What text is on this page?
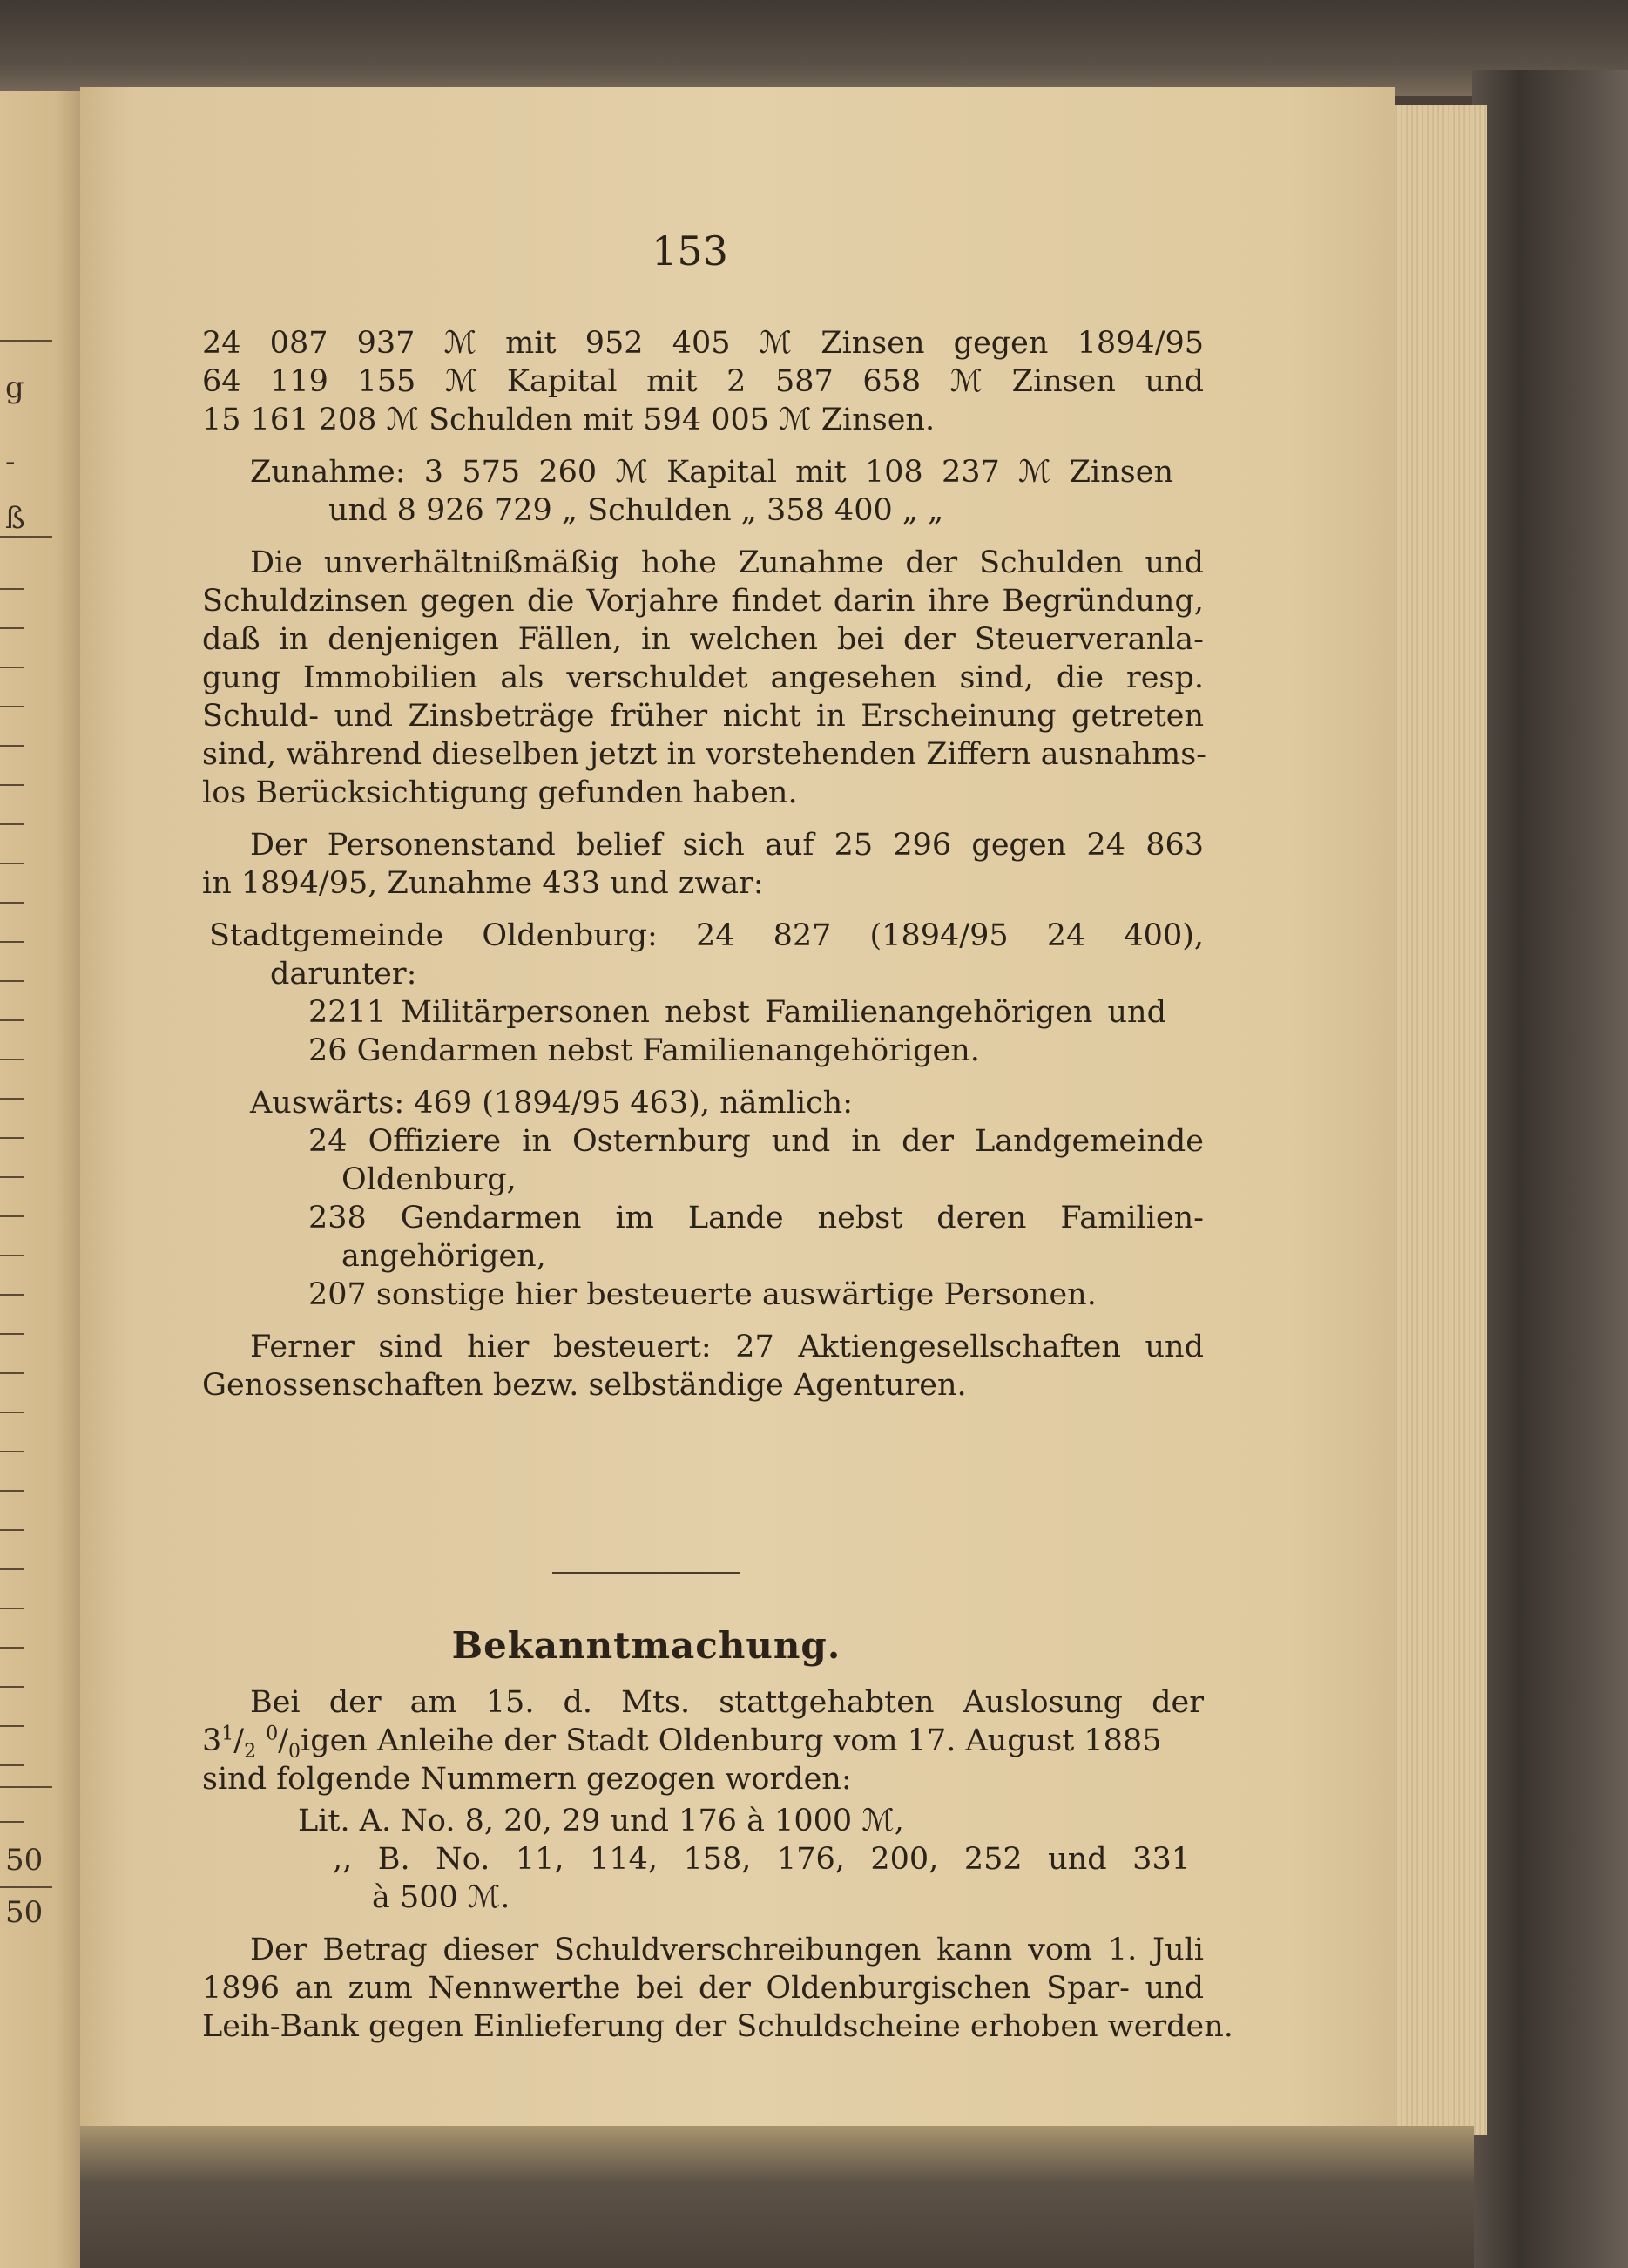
g
-
ß
50
50
153
24 087 937 ℳ mit 952 405 ℳ Zinsen gegen 1894/95
64 119 155 ℳ Kapital mit 2 587 658 ℳ Zinsen und
15 161 208 ℳ Schulden mit 594 005 ℳ Zinsen.
Zunahme: 3 575 260 ℳ Kapital mit 108 237 ℳ Zinsen
und 8 926 729 „ Schulden „ 358 400 „ „
Die unverhältnißmäßig hohe Zunahme der Schulden und
Schuldzinsen gegen die Vorjahre findet darin ihre Begründung,
daß in denjenigen Fällen, in welchen bei der Steuerveranla-
gung Immobilien als verschuldet angesehen sind, die resp.
Schuld- und Zinsbeträge früher nicht in Erscheinung getreten
sind, während dieselben jetzt in vorstehenden Ziffern ausnahms-
los Berücksichtigung gefunden haben.
Der Personenstand belief sich auf 25 296 gegen 24 863
in 1894/95, Zunahme 433 und zwar:
Stadtgemeinde Oldenburg: 24 827 (1894/95 24 400),
darunter:
2211 Militärpersonen nebst Familienangehörigen und
26 Gendarmen nebst Familienangehörigen.
Auswärts: 469 (1894/95 463), nämlich:
24 Offiziere in Osternburg und in der Landgemeinde
Oldenburg,
238 Gendarmen im Lande nebst deren Familien-
angehörigen,
207 sonstige hier besteuerte auswärtige Personen.
Ferner sind hier besteuert: 27 Aktiengesellschaften und
Genossenschaften bezw. selbständige Agenturen.
Bekanntmachung.
Bei der am 15. d. Mts. stattgehabten Auslosung der
$3^1/_2$ $^0/_0igen$ Anleihe der Stadt Oldenburg vom 17. August 1885
sind folgende Nummern gezogen worden:
Lit. A. No. 8, 20, 29 und 176 à 1000 ℳ,
,, B. No. 11, 114, 158, 176, 200, 252 und 331
à 500 ℳ.
Der Betrag dieser Schuldverschreibungen kann vom 1. Juli
1896 an zum Nennwerthe bei der Oldenburgischen Spar- und
Leih-Bank gegen Einlieferung der Schuldscheine erhoben werden.
